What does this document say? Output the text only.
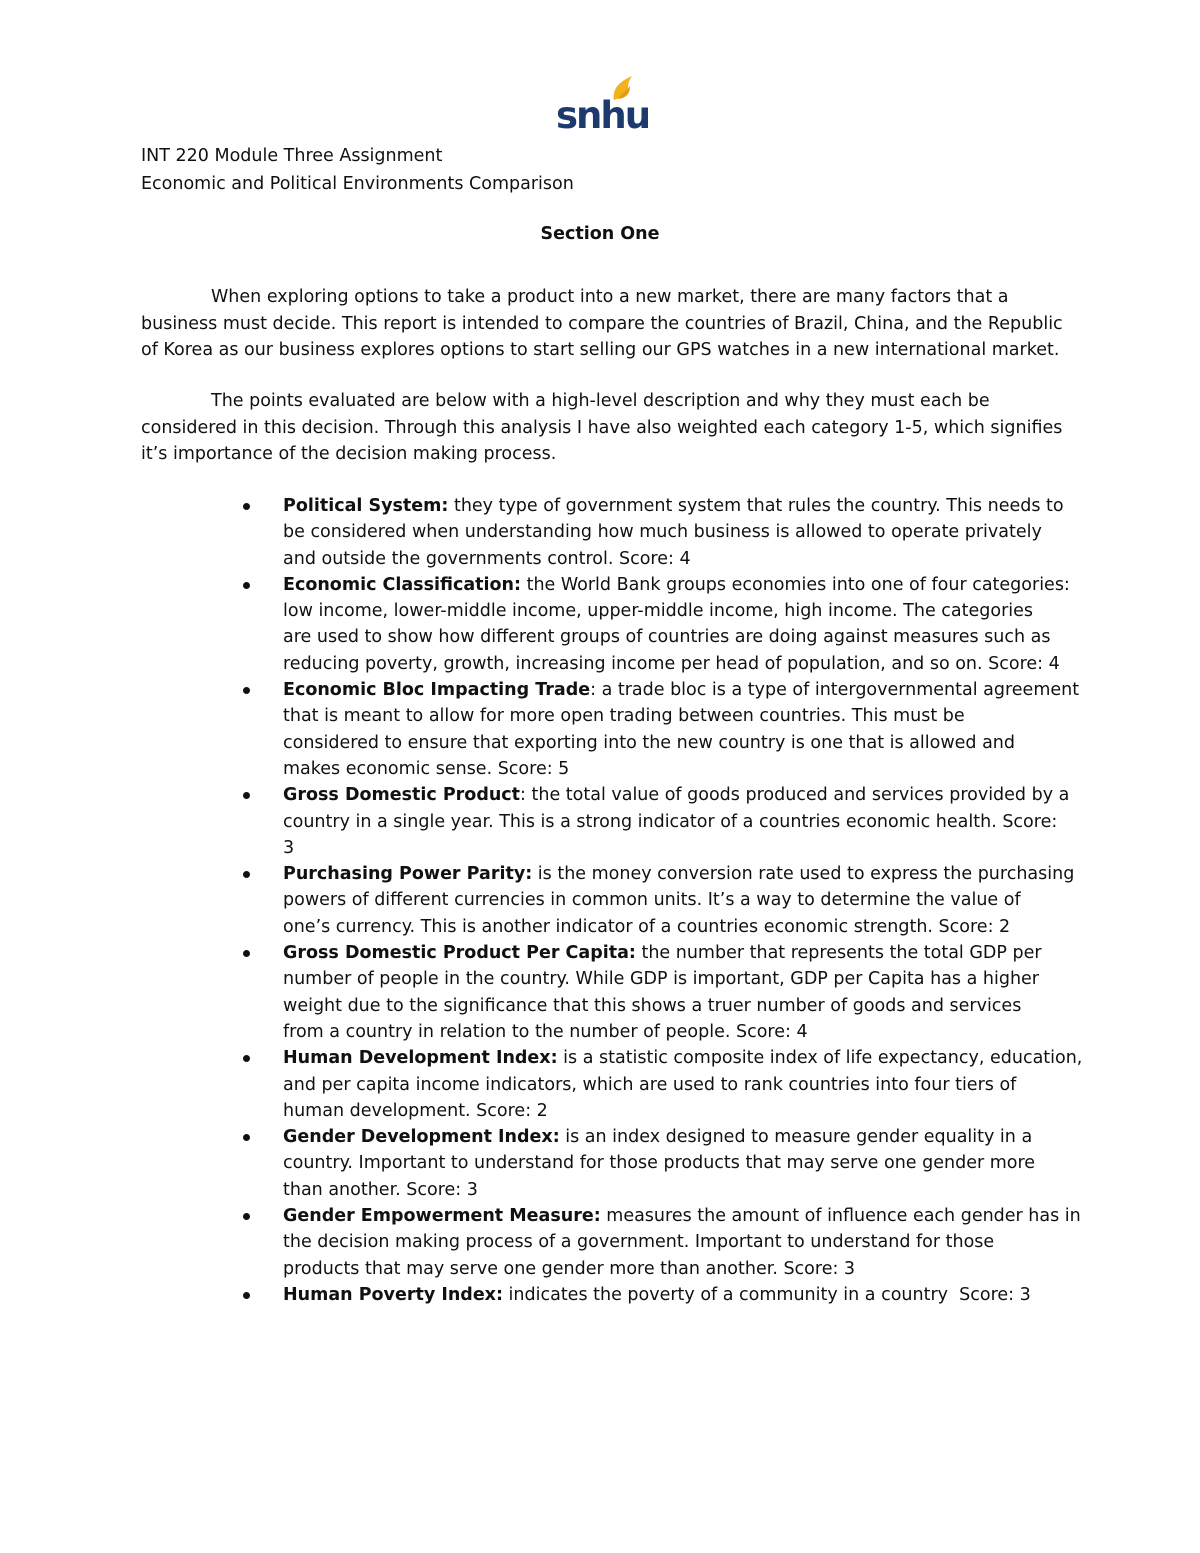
snhu
INT 220 Module Three Assignment
Economic and Political Environments Comparison
Section One
When exploring options to take a product into a new market, there are many factors that a
business must decide. This report is intended to compare the countries of Brazil, China, and the Republic
of Korea as our business explores options to start selling our GPS watches in a new international market.
The points evaluated are below with a high-level description and why they must each be
considered in this decision. Through this analysis I have also weighted each category 1-5, which signifies
it’s importance of the decision making process.
Political System: they type of government system that rules the country. This needs to
be considered when understanding how much business is allowed to operate privately
and outside the governments control. Score: 4
Economic Classification: the World Bank groups economies into one of four categories:
low income, lower-middle income, upper-middle income, high income. The categories
are used to show how different groups of countries are doing against measures such as
reducing poverty, growth, increasing income per head of population, and so on. Score: 4
Economic Bloc Impacting Trade: a trade bloc is a type of intergovernmental agreement
that is meant to allow for more open trading between countries. This must be
considered to ensure that exporting into the new country is one that is allowed and
makes economic sense. Score: 5
Gross Domestic Product: the total value of goods produced and services provided by a
country in a single year. This is a strong indicator of a countries economic health. Score:
3
Purchasing Power Parity: is the money conversion rate used to express the purchasing
powers of different currencies in common units. It’s a way to determine the value of
one’s currency. This is another indicator of a countries economic strength. Score: 2
Gross Domestic Product Per Capita: the number that represents the total GDP per
number of people in the country. While GDP is important, GDP per Capita has a higher
weight due to the significance that this shows a truer number of goods and services
from a country in relation to the number of people. Score: 4
Human Development Index: is a statistic composite index of life expectancy, education,
and per capita income indicators, which are used to rank countries into four tiers of
human development. Score: 2
Gender Development Index: is an index designed to measure gender equality in a
country. Important to understand for those products that may serve one gender more
than another. Score: 3
Gender Empowerment Measure: measures the amount of influence each gender has in
the decision making process of a government. Important to understand for those
products that may serve one gender more than another. Score: 3
Human Poverty Index: indicates the poverty of a community in a country  Score: 3
